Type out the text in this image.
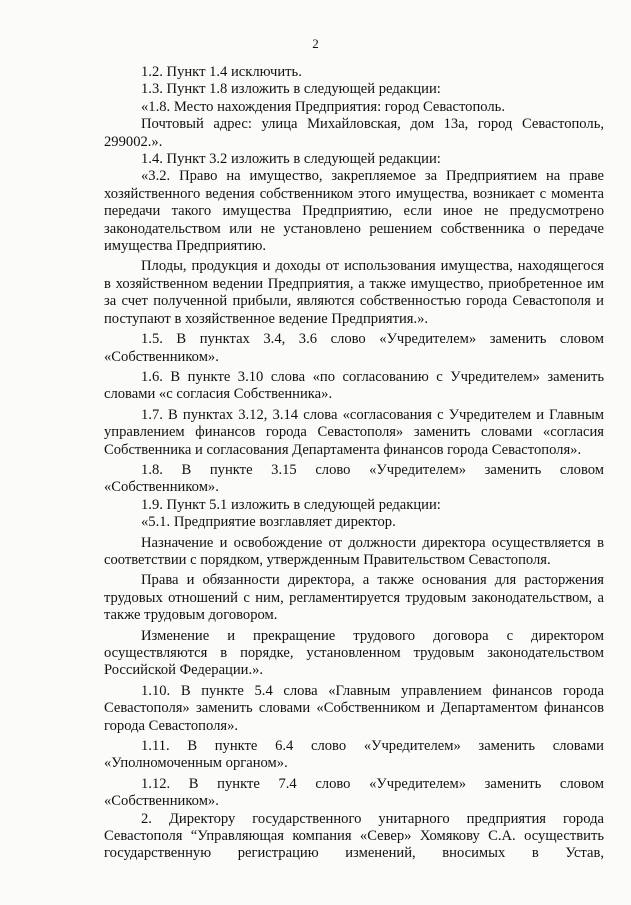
2

1.2. Пункт 1.4 исключить.

1.3. Пункт 1.8 изложить в следующей редакции:

«1.8. Место нахождения Предприятия: город Севастополь.

Почтовый адрес: улица Михайловская, дом 13а, город Севастополь, 299002.».

1.4. Пункт 3.2 изложить в следующей редакции:

«3.2. Право на имущество, закрепляемое за Предприятием на праве хозяйственного ведения собственником этого имущества, возникает с момента передачи такого имущества Предприятию, если иное не предусмотрено законодательством или не установлено решением собственника о передаче имущества Предприятию.

Плоды, продукция и доходы от использования имущества, находящегося в хозяйственном ведении Предприятия, а также имущество, приобретенное им за счет полученной прибыли, являются собственностью города Севастополя и поступают в хозяйственное ведение Предприятия.».

1.5. В пунктах 3.4, 3.6 слово «Учредителем» заменить словом «Собственником».

1.6. В пункте 3.10 слова «по согласованию с Учредителем» заменить словами «с согласия Собственника».

1.7. В пунктах 3.12, 3.14 слова «согласования с Учредителем и Главным управлением финансов города Севастополя» заменить словами «согласия Собственника и согласования Департамента финансов города Севастополя».

1.8. В пункте 3.15 слово «Учредителем» заменить словом «Собственником».

1.9. Пункт 5.1 изложить в следующей редакции:

«5.1. Предприятие возглавляет директор.

Назначение и освобождение от должности директора осуществляется в соответствии с порядком, утвержденным Правительством Севастополя.

Права и обязанности директора, а также основания для расторжения трудовых отношений с ним, регламентируется трудовым законодательством, а также трудовым договором.

Изменение и прекращение трудового договора с директором осуществляются в порядке, установленном трудовым законодательством Российской Федерации.».

1.10. В пункте 5.4 слова «Главным управлением финансов города Севастополя» заменить словами «Собственником и Департаментом финансов города Севастополя».

1.11. В пункте 6.4 слово «Учредителем» заменить словами «Уполномоченным органом».

1.12. В пункте 7.4 слово «Учредителем» заменить словом «Собственником».

2. Директору государственного унитарного предприятия города Севастополя “Управляющая компания «Север» Хомякову С.А. осуществить государственную регистрацию изменений, вносимых в Устав,
